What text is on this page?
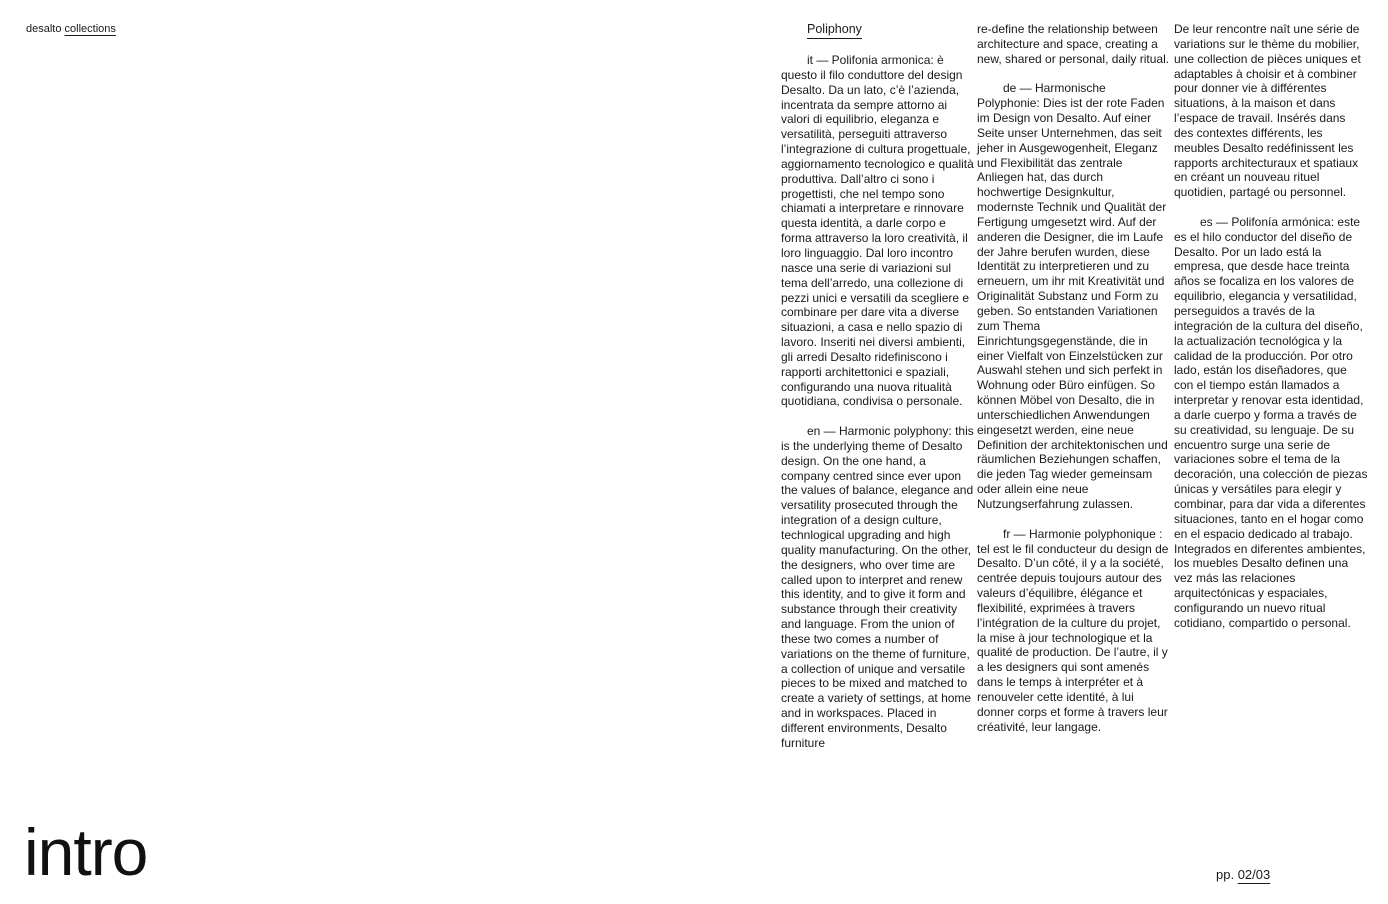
desalto collections	Poliphony

it — Polifonia armonica: è questo il filo conduttore del design Desalto. Da un lato, c’è l’azienda, incentrata da sempre attorno ai valori di equilibrio, eleganza e versatilità, perseguiti attraverso l’integrazione di cultura progettuale, aggiornamento tecnologico e qualità produttiva. Dall’altro ci sono i progettisti, che nel tempo sono chiamati a interpretare e rinnovare questa identità, a darle corpo e forma attraverso la loro creatività, il loro linguaggio. Dal loro incontro nasce una serie di variazioni sul tema dell’arredo, una collezione di pezzi unici e versatili da scegliere e combinare per dare vita a diverse situazioni, a casa e nello spazio di lavoro. Inseriti nei diversi ambienti, gli arredi Desalto ridefiniscono i rapporti architettonici e spaziali, configurando una nuova ritualità quotidiana, condivisa o personale.

en — Harmonic polyphony: this is the underlying theme of Desalto design. On the one hand, a company centred since ever upon the values of balance, elegance and versatility prosecuted through the integration of a design culture, technlogical upgrading and high quality manufacturing. On the other, the designers, who over time are called upon to interpret and renew this identity, and to give it form and substance through their creativity and language. From the union of these two comes a number of variations on the theme of furniture, a collection of unique and versatile pieces to be mixed and matched to create a variety of settings, at home and in workspaces. Placed in different environments, Desalto furniture

re-define the relationship between architecture and space, creating a new, shared or personal, daily ritual.

de — Harmonische Polyphonie: Dies ist der rote Faden im Design von Desalto. Auf einer Seite unser Unternehmen, das seit jeher in Ausgewogenheit, Eleganz und Flexibilität das zentrale Anliegen hat, das durch hochwertige Designkultur, modernste Technik und Qualität der Fertigung umgesetzt wird. Auf der anderen die Designer, die im Laufe der Jahre berufen wurden, diese Identität zu interpretieren und zu erneuern, um ihr mit Kreativität und Originalität Substanz und Form zu geben. So entstanden Variationen zum Thema Einrichtungsgegenstände, die in einer Vielfalt von Einzelstücken zur Auswahl stehen und sich perfekt in Wohnung oder Büro einfügen. So können Möbel von Desalto, die in unterschiedlichen Anwendungen eingesetzt werden, eine neue Definition der architektonischen und räumlichen Beziehungen schaffen, die jeden Tag wieder gemeinsam oder allein eine neue Nutzungserfahrung zulassen.

fr — Harmonie polyphonique : tel est le fil conducteur du design de Desalto. D’un côté, il y a la société, centrée depuis toujours autour des valeurs d’équilibre, élégance et flexibilité, exprimées à travers l’intégration de la culture du projet, la mise à jour technologique et la qualité de production. De l’autre, il y a les designers qui sont amenés dans le temps à interpréter et à renouveler cette identité, à lui donner corps et forme à travers leur créativité, leur langage.

De leur rencontre naît une série de variations sur le thème du mobilier, une collection de pièces uniques et adaptables à choisir et à combiner pour donner vie à différentes situations, à la maison et dans l’espace de travail. Insérés dans des contextes différents, les meubles Desalto redéfinissent les rapports architecturaux et spatiaux en créant un nouveau rituel quotidien, partagé ou personnel.

es — Polifonía armónica: este es el hilo conductor del diseño de Desalto. Por un lado está la empresa, que desde hace treinta años se focaliza en los valores de equilibrio, elegancia y versatilidad, perseguidos a través de la integración de la cultura del diseño, la actualización tecnológica y la calidad de la producción. Por otro lado, están los diseñadores, que con el tiempo están llamados a interpretar y renovar esta identidad, a darle cuerpo y forma a través de su creatividad, su lenguaje. De su encuentro surge una serie de variaciones sobre el tema de la decoración, una colección de piezas únicas y versátiles para elegir y combinar, para dar vida a diferentes situaciones, tanto en el hogar como en el espacio dedicado al trabajo. Integrados en diferentes ambientes, los muebles Desalto definen una vez más las relaciones arquitectónicas y espaciales, configurando un nuevo ritual cotidiano, compartido o personal.

intro	pp. 02/03
